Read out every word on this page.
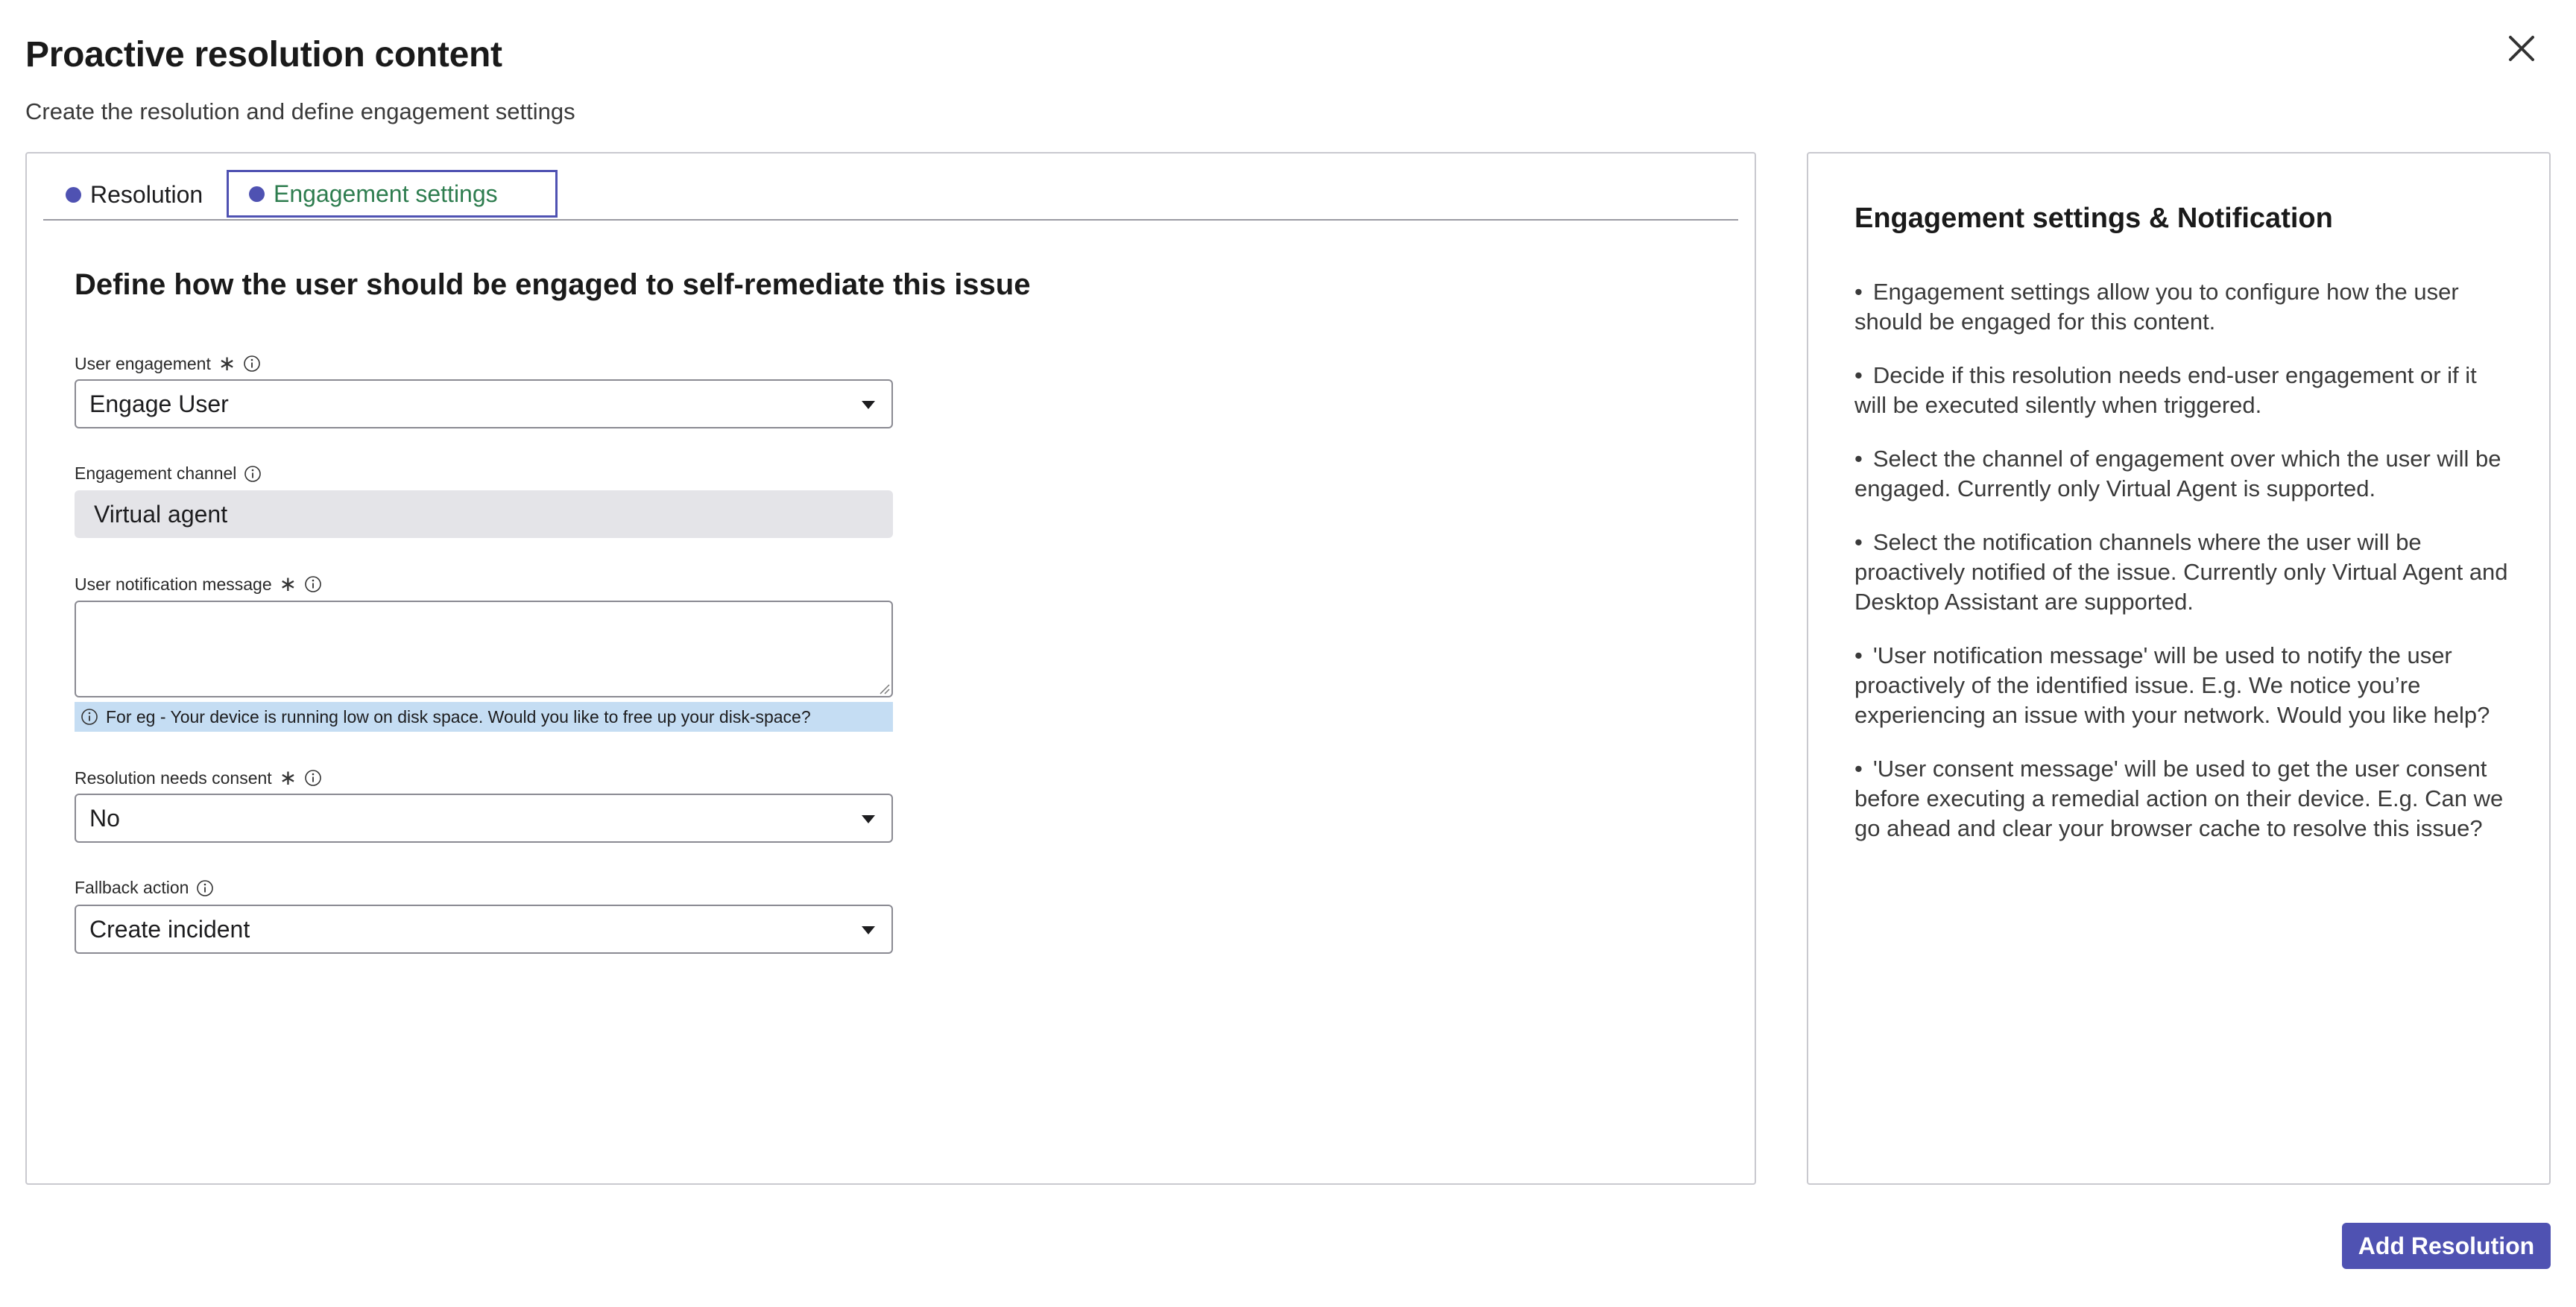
Proactive resolution content
Create the resolution and define engagement settings
Resolution	Engagement settings
Define how the user should be engaged to self-remediate this issue
User engagement ∗
Engage User
Engagement channel
Virtual agent
User notification message ∗
For eg - Your device is running low on disk space. Would you like to free up your disk-space?
Resolution needs consent ∗
No
Fallback action
Create incident
Engagement settings & Notification
• Engagement settings allow you to configure how the user should be engaged for this content.
• Decide if this resolution needs end-user engagement or if it will be executed silently when triggered.
• Select the channel of engagement over which the user will be engaged. Currently only Virtual Agent is supported.
• Select the notification channels where the user will be proactively notified of the issue. Currently only Virtual Agent and Desktop Assistant are supported.
• 'User notification message' will be used to notify the user proactively of the identified issue. E.g. We notice you’re experiencing an issue with your network. Would you like help?
• 'User consent message' will be used to get the user consent before executing a remedial action on their device. E.g. Can we go ahead and clear your browser cache to resolve this issue?
Add Resolution
